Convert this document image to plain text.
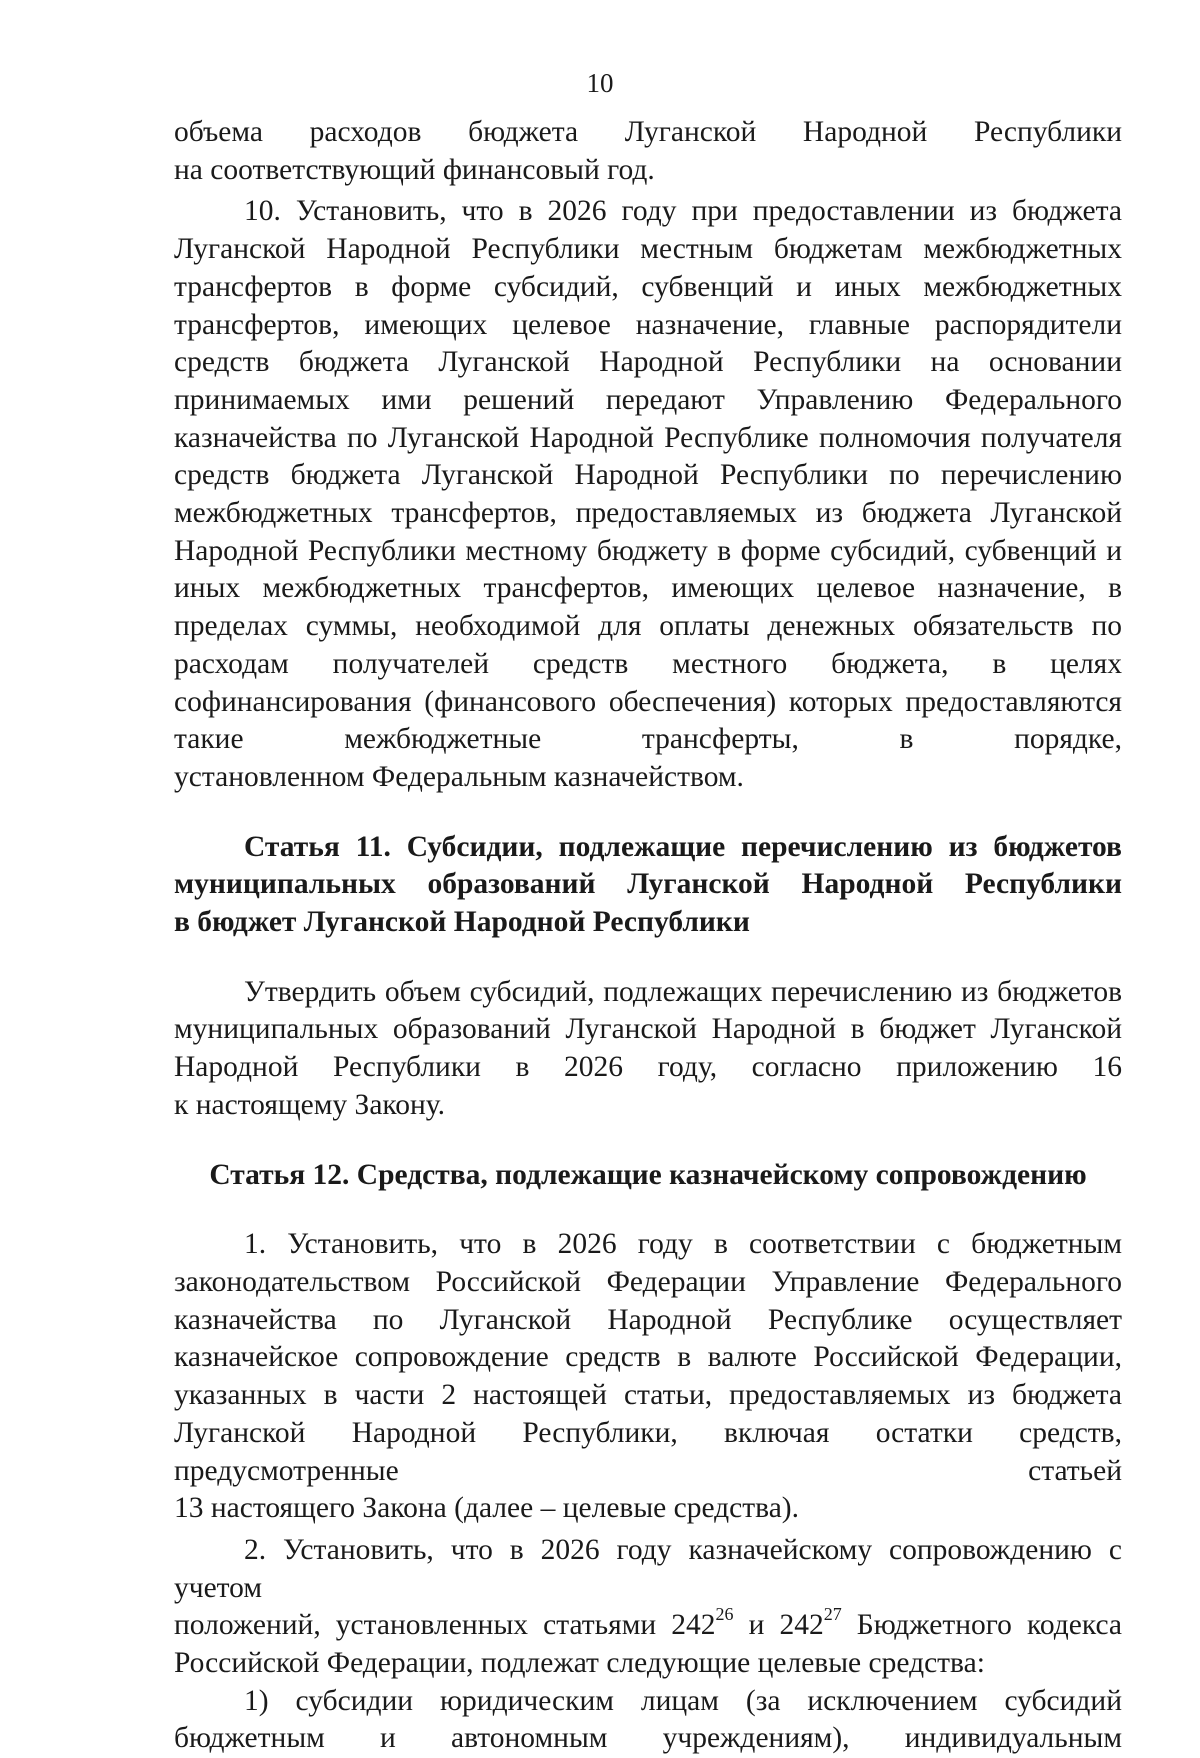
10

объема расходов бюджета Луганской Народной Республики

на соответствующий финансовый год.

10. Установить, что в 2026 году при предоставлении из бюджета Луганской Народной Республики местным бюджетам межбюджетных трансфертов в форме субсидий, субвенций и иных межбюджетных трансфертов, имеющих целевое назначение, главные распорядители средств бюджета Луганской Народной Республики на основании принимаемых ими решений передают Управлению Федерального казначейства по Луганской Народной Республике полномочия получателя средств бюджета Луганской Народной Республики по перечислению межбюджетных трансфертов, предоставляемых из бюджета Луганской Народной Республики местному бюджету в форме субсидий, субвенций и иных межбюджетных трансфертов, имеющих целевое назначение, в пределах суммы, необходимой для оплаты денежных обязательств по расходам получателей средств местного бюджета, в целях софинансирования (финансового обеспечения) которых предоставляются такие межбюджетные трансферты, в порядке,

установленном Федеральным казначейством.

Статья 11. Субсидии, подлежащие перечислению из бюджетов муниципальных образований Луганской Народной Республики

в бюджет Луганской Народной Республики

Утвердить объем субсидий, подлежащих перечислению из бюджетов муниципальных образований Луганской Народной в бюджет Луганской Народной Республики в 2026 году, согласно приложению 16

к настоящему Закону.

Статья 12. Средства, подлежащие казначейскому сопровождению

1. Установить, что в 2026 году в соответствии с бюджетным законодательством Российской Федерации Управление Федерального казначейства по Луганской Народной Республике осуществляет казначейское сопровождение средств в валюте Российской Федерации, указанных в части 2 настоящей статьи, предоставляемых из бюджета Луганской Народной Республики, включая остатки средств, предусмотренные статьей

13 настоящего Закона (далее – целевые средства).

2. Установить, что в 2026 году казначейскому сопровождению с учетом

положений, установленных статьями $242^{26}$ и $242^{27}$ Бюджетного кодекса

Российской Федерации, подлежат следующие целевые средства:

1) субсидии юридическим лицам (за исключением субсидий

бюджетным и автономным учреждениям), индивидуальным
